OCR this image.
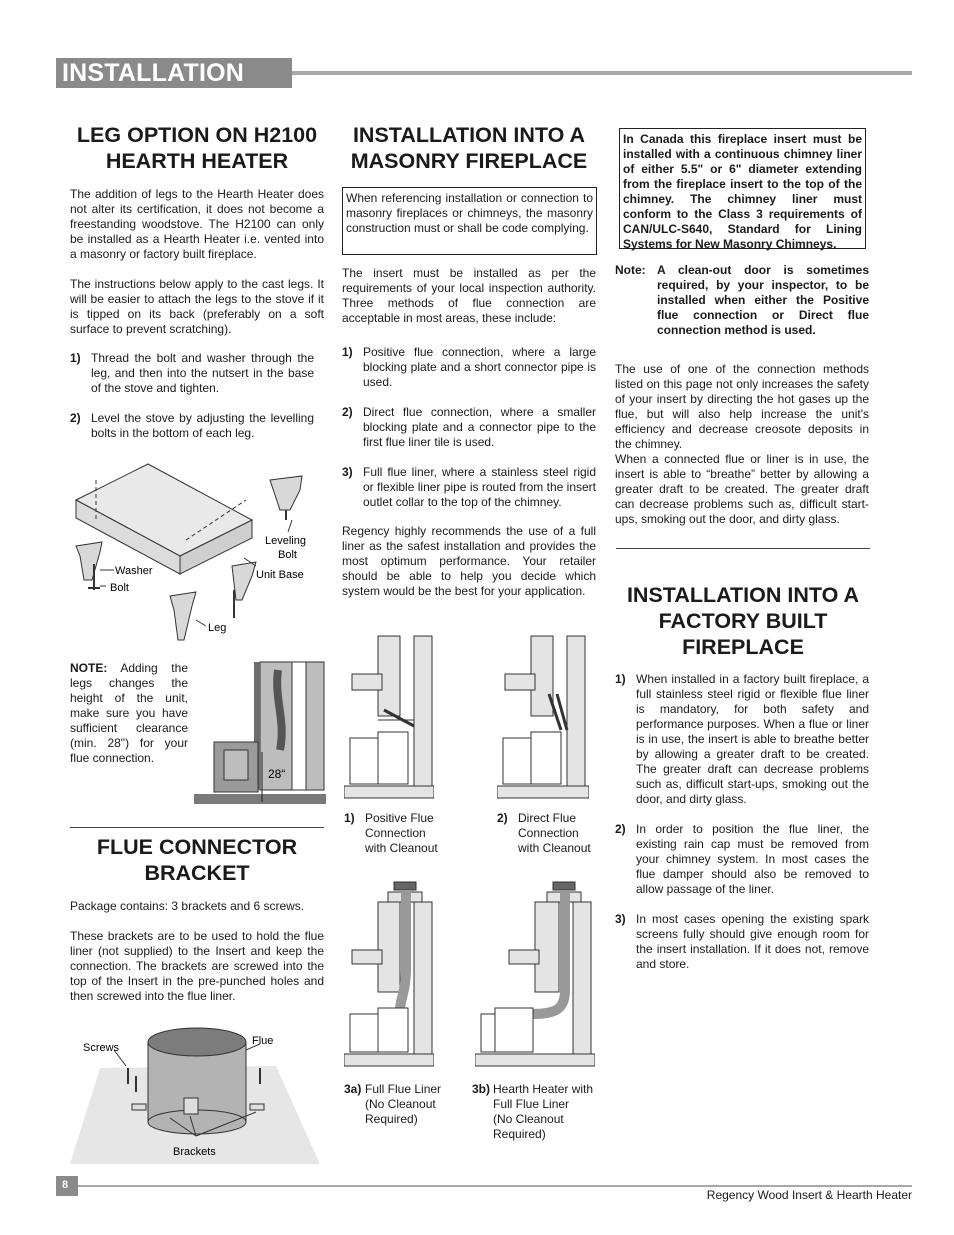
INSTALLATION
LEG OPTION ON H2100
HEARTH HEATER

The addition of legs to the Hearth Heater does not alter its certification, it does not become a freestanding woodstove. The H2100 can only be installed as a Hearth Heater i.e. vented into a masonry or factory built fireplace.

The instructions below apply to the cast legs. It will be easier to attach the legs to the stove if it is tipped on its back (preferably on a soft surface to prevent scratching).

1) Thread the bolt and washer through the leg, and then into the nutsert in the base of the stove and tighten.
2) Level the stove by adjusting the levelling bolts in the bottom of each leg.
Washer
Bolt
Leg
Leveling
Bolt
Unit Base
NOTE: Adding the legs changes the height of the unit, make sure you have sufficient clearance (min. 28") for your flue connection.
28“
FLUE CONNECTOR
BRACKET

Package contains: 3 brackets and 6 screws.

These brackets are to be used to hold the flue liner (not supplied) to the Insert and keep the connection. The brackets are screwed into the top of the Insert in the pre-punched holes and then screwed into the flue liner.

Screws
Flue
Brackets
INSTALLATION INTO A
MASONRY FIREPLACE
When referencing installation or connection to masonry fireplaces or chimneys, the masonry construction must or shall be code complying.

The insert must be installed as per the requirements of your local inspection authority. Three methods of flue connection are acceptable in most areas, these include:

1) Positive flue connection, where a large blocking plate and a short connector pipe is used.
2) Direct flue connection, where a smaller blocking plate and a connector pipe to the first flue liner tile is used.
3) Full flue liner, where a stainless steel rigid or flexible liner pipe is routed from the insert outlet collar to the top of the chimney.

Regency highly recommends the use of a full liner as the safest installation and provides the most optimum performance. Your retailer should be able to help you decide which system would be the best for your application.

1) Positive Flue
Connection
with Cleanout
2) Direct Flue
Connection
with Cleanout
3a) Full Flue Liner
(No Cleanout
Required)
3b) Hearth Heater with
Full Flue Liner
(No Cleanout
Required)
In Canada this fireplace insert must be installed with a continuous chimney liner of either 5.5" or 6" diameter extending from the fireplace insert to the top of the chimney. The chimney liner must conform to the Class 3 requirements of CAN/ULC-S640, Standard for Lining Systems for New Masonry Chimneys.
Note: A clean-out door is sometimes required, by your inspector, to be installed when either the Positive flue connection or Direct flue connection method is used.

The use of one of the connection methods listed on this page not only increases the safety of your insert by directing the hot gases up the flue, but will also help increase the unit's efficiency and decrease creosote deposits in the chimney.

When a connected flue or liner is in use, the insert is able to “breathe” better by allowing a greater draft to be created. The greater draft can decrease problems such as, difficult start-ups, smoking out the door, and dirty glass.

INSTALLATION INTO A
FACTORY BUILT
FIREPLACE
1) When installed in a factory built fireplace, a full stainless steel rigid or flexible flue liner is mandatory, for both safety and performance purposes. When a flue or liner is in use, the insert is able to breathe better by allowing a greater draft to be created. The greater draft can decrease problems such as, difficult start-ups, smoking out the door, and dirty glass.
2) In order to position the flue liner, the existing rain cap must be removed from your chimney system. In most cases the flue damper should also be removed to allow passage of the liner.
3) In most cases opening the existing spark screens fully should give enough room for the insert installation. If it does not, remove and store.
8
Regency Wood Insert & Hearth Heater
